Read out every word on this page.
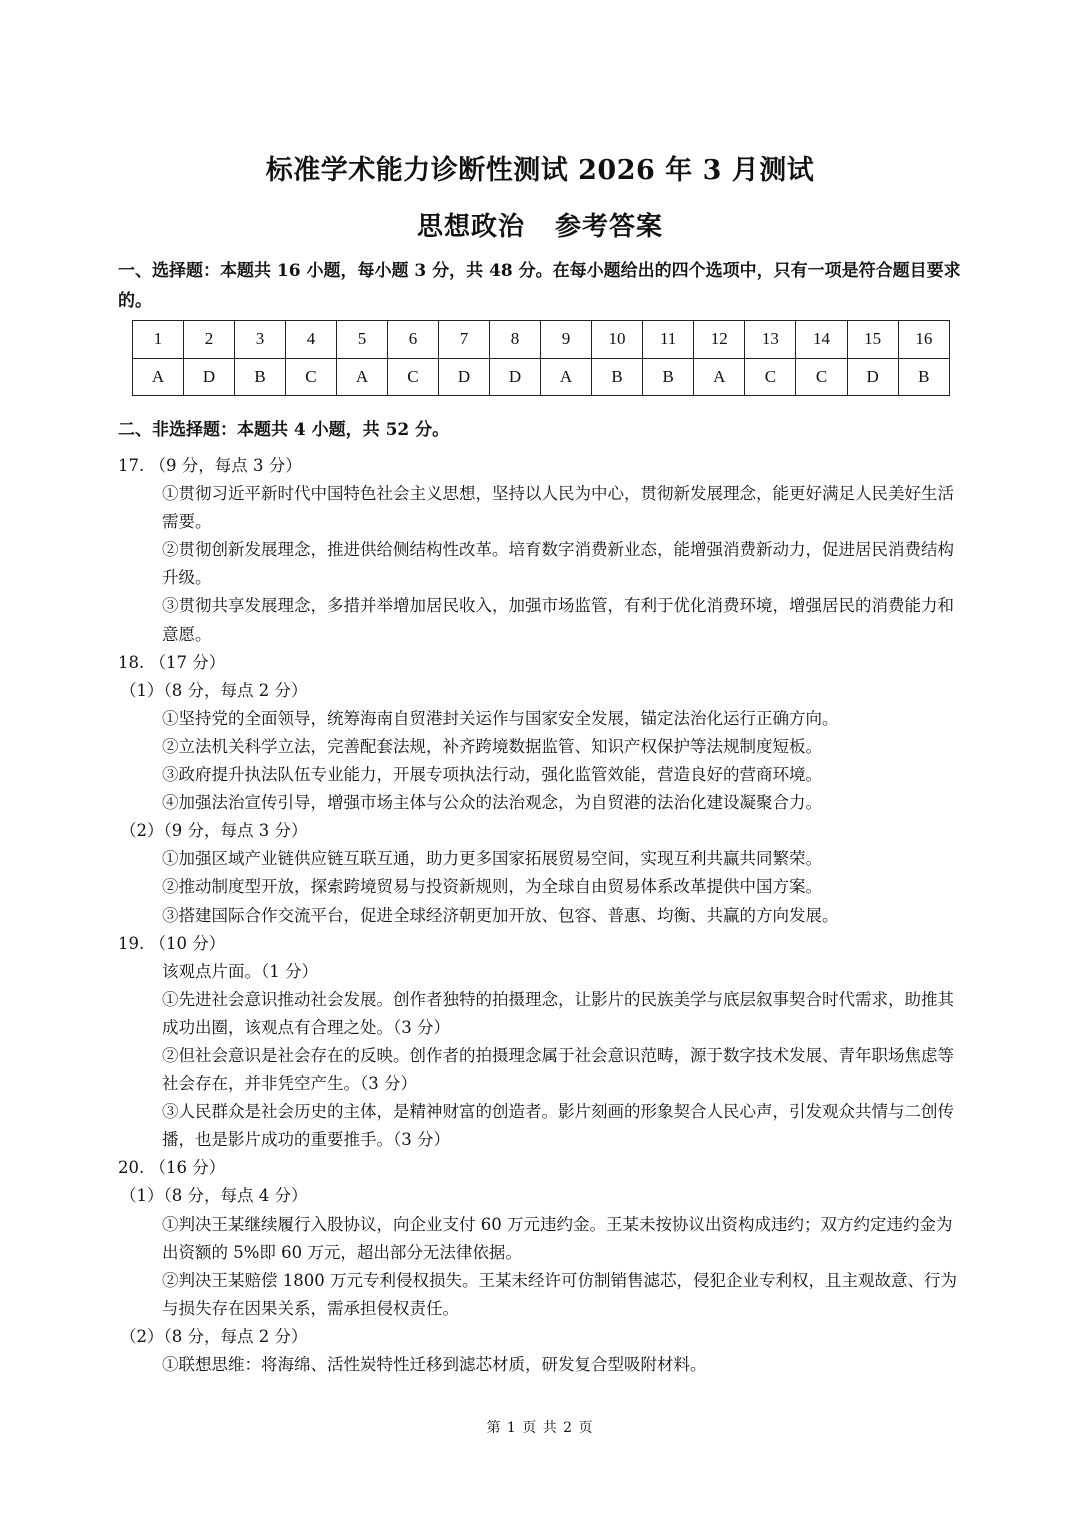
标准学术能力诊断性测试 2026 年 3 月测试
思想政治 参考答案
一、选择题：本题共 16 小题，每小题 3 分，共 48 分。在每小题给出的四个选项中，只有一项是符合题目要求的。
1	2	3	4	5	6	7	8	9	10	11	12	13	14	15	16
A	D	B	C	A	C	D	D	A	B	B	A	C	C	D	B
二、非选择题：本题共 4 小题，共 52 分。

17. （9 分，每点 3 分）

①贯彻习近平新时代中国特色社会主义思想，坚持以人民为中心，贯彻新发展理念，能更好满足人民美好生活需要。

②贯彻创新发展理念，推进供给侧结构性改革。培育数字消费新业态，能增强消费新动力，促进居民消费结构升级。

③贯彻共享发展理念，多措并举增加居民收入，加强市场监管，有利于优化消费环境，增强居民的消费能力和意愿。

18. （17 分）

（1）（8 分，每点 2 分）

①坚持党的全面领导，统筹海南自贸港封关运作与国家安全发展，锚定法治化运行正确方向。

②立法机关科学立法，完善配套法规，补齐跨境数据监管、知识产权保护等法规制度短板。

③政府提升执法队伍专业能力，开展专项执法行动，强化监管效能，营造良好的营商环境。

④加强法治宣传引导，增强市场主体与公众的法治观念，为自贸港的法治化建设凝聚合力。

（2）（9 分，每点 3 分）

①加强区域产业链供应链互联互通，助力更多国家拓展贸易空间，实现互利共赢共同繁荣。

②推动制度型开放，探索跨境贸易与投资新规则，为全球自由贸易体系改革提供中国方案。

③搭建国际合作交流平台，促进全球经济朝更加开放、包容、普惠、均衡、共赢的方向发展。

19. （10 分）

该观点片面。（1 分）

①先进社会意识推动社会发展。创作者独特的拍摄理念，让影片的民族美学与底层叙事契合时代需求，助推其成功出圈，该观点有合理之处。（3 分）

②但社会意识是社会存在的反映。创作者的拍摄理念属于社会意识范畴，源于数字技术发展、青年职场焦虑等社会存在，并非凭空产生。（3 分）

③人民群众是社会历史的主体，是精神财富的创造者。影片刻画的形象契合人民心声，引发观众共情与二创传播，也是影片成功的重要推手。（3 分）

20. （16 分）

（1）（8 分，每点 4 分）

①判决王某继续履行入股协议，向企业支付 60 万元违约金。王某未按协议出资构成违约；双方约定违约金为出资额的 5%即 60 万元，超出部分无法律依据。

②判决王某赔偿 1800 万元专利侵权损失。王某未经许可仿制销售滤芯，侵犯企业专利权，且主观故意、行为与损失存在因果关系，需承担侵权责任。

（2）（8 分，每点 2 分）

①联想思维：将海绵、活性炭特性迁移到滤芯材质，研发复合型吸附材料。

第 1 页 共 2 页
